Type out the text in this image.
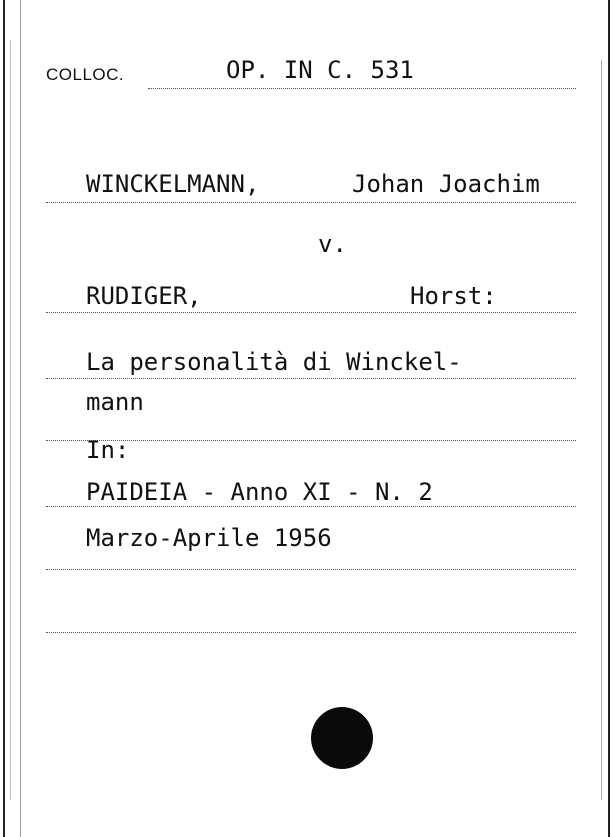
COLLOC.	OP. IN C. 531
WINCKELMANN,	Johan Joachim
v.
RUDIGER,	Horst:
La personalità di Winckel-
mann
In:
PAIDEIA - Anno XI - N. 2
Marzo-Aprile 1956
